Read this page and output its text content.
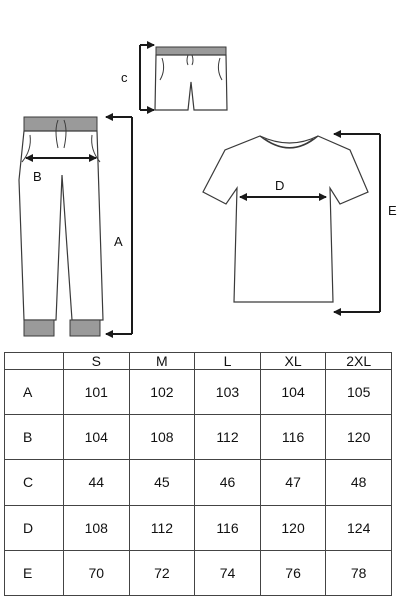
c
B
A
D
E
	S	M	L	XL	2XL
A	101	102	103	104	105
B	104	108	112	116	120
C	44	45	46	47	48
D	108	112	116	120	124
E	70	72	74	76	78
